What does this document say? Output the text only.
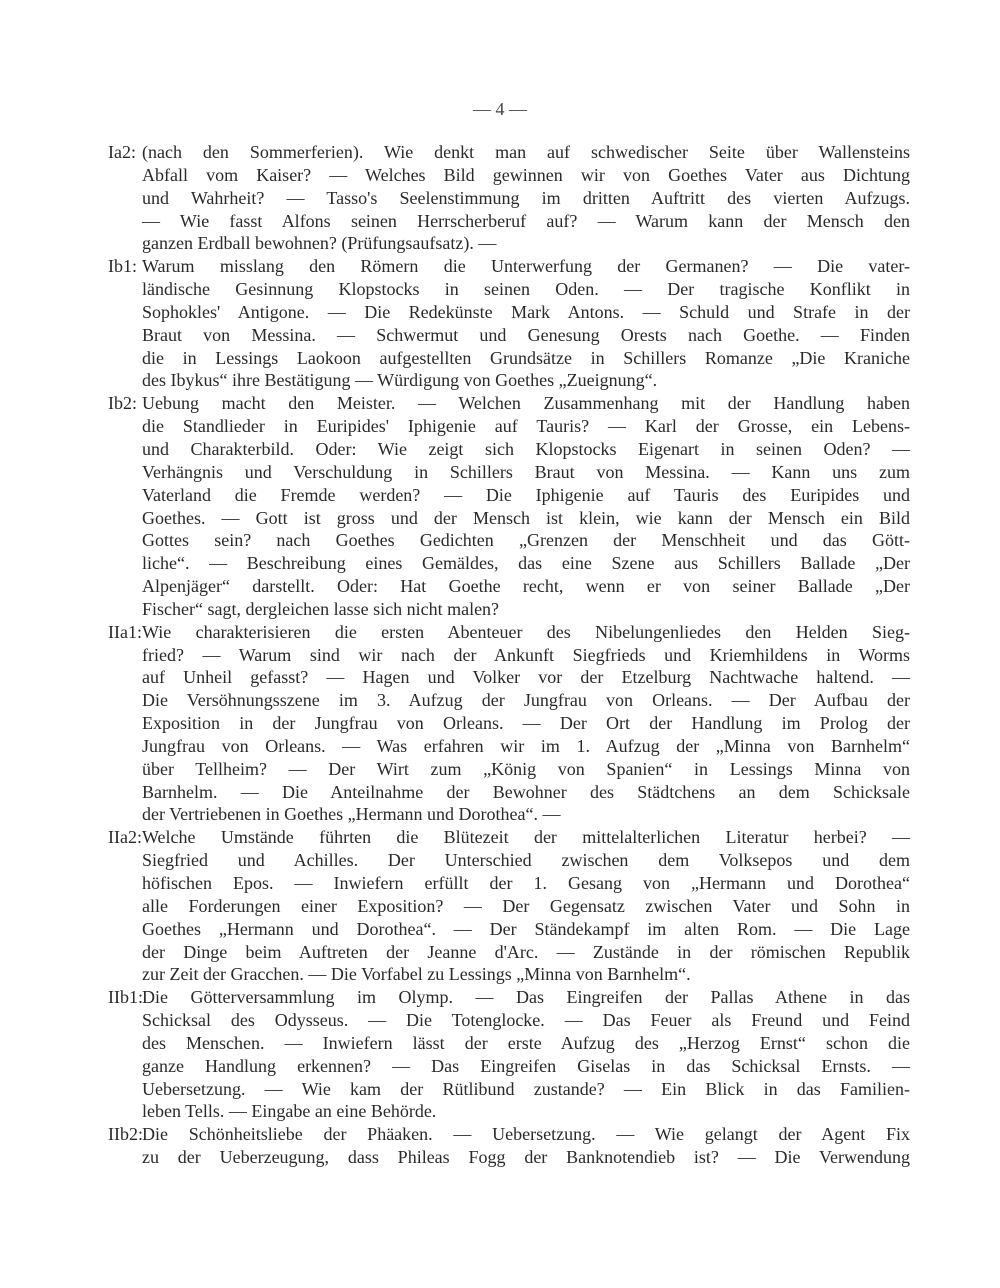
— 4 —
Ia2: (nach den Sommerferien). Wie denkt man auf schwedischer Seite über Wallensteins
Abfall vom Kaiser? — Welches Bild gewinnen wir von Goethes Vater aus Dichtung
und Wahrheit? — Tasso's Seelenstimmung im dritten Auftritt des vierten Aufzugs.
— Wie fasst Alfons seinen Herrscherberuf auf? — Warum kann der Mensch den
ganzen Erdball bewohnen? (Prüfungsaufsatz). —
Ib1: Warum misslang den Römern die Unterwerfung der Germanen? — Die vater-
ländische Gesinnung Klopstocks in seinen Oden. — Der tragische Konflikt in
Sophokles' Antigone. — Die Redekünste Mark Antons. — Schuld und Strafe in der
Braut von Messina. — Schwermut und Genesung Orests nach Goethe. — Finden
die in Lessings Laokoon aufgestellten Grundsätze in Schillers Romanze „Die Kraniche
des Ibykus“ ihre Bestätigung — Würdigung von Goethes „Zueignung“.
Ib2: Uebung macht den Meister. — Welchen Zusammenhang mit der Handlung haben
die Standlieder in Euripides' Iphigenie auf Tauris? — Karl der Grosse, ein Lebens-
und Charakterbild. Oder: Wie zeigt sich Klopstocks Eigenart in seinen Oden? —
Verhängnis und Verschuldung in Schillers Braut von Messina. — Kann uns zum
Vaterland die Fremde werden? — Die Iphigenie auf Tauris des Euripides und
Goethes. — Gott ist gross und der Mensch ist klein, wie kann der Mensch ein Bild
Gottes sein? nach Goethes Gedichten „Grenzen der Menschheit und das Gött-
liche“. — Beschreibung eines Gemäldes, das eine Szene aus Schillers Ballade „Der
Alpenjäger“ darstellt. Oder: Hat Goethe recht, wenn er von seiner Ballade „Der
Fischer“ sagt, dergleichen lasse sich nicht malen?
IIa1: Wie charakterisieren die ersten Abenteuer des Nibelungenliedes den Helden Sieg-
fried? — Warum sind wir nach der Ankunft Siegfrieds und Kriemhildens in Worms
auf Unheil gefasst? — Hagen und Volker vor der Etzelburg Nachtwache haltend. —
Die Versöhnungsszene im 3. Aufzug der Jungfrau von Orleans. — Der Aufbau der
Exposition in der Jungfrau von Orleans. — Der Ort der Handlung im Prolog der
Jungfrau von Orleans. — Was erfahren wir im 1. Aufzug der „Minna von Barnhelm“
über Tellheim? — Der Wirt zum „König von Spanien“ in Lessings Minna von
Barnhelm. — Die Anteilnahme der Bewohner des Städtchens an dem Schicksale
der Vertriebenen in Goethes „Hermann und Dorothea“. —
IIa2: Welche Umstände führten die Blütezeit der mittelalterlichen Literatur herbei? —
Siegfried und Achilles. Der Unterschied zwischen dem Volksepos und dem
höfischen Epos. — Inwiefern erfüllt der 1. Gesang von „Hermann und Dorothea“
alle Forderungen einer Exposition? — Der Gegensatz zwischen Vater und Sohn in
Goethes „Hermann und Dorothea“. — Der Ständekampf im alten Rom. — Die Lage
der Dinge beim Auftreten der Jeanne d'Arc. — Zustände in der römischen Republik
zur Zeit der Gracchen. — Die Vorfabel zu Lessings „Minna von Barnhelm“.
IIb1: Die Götterversammlung im Olymp. — Das Eingreifen der Pallas Athene in das
Schicksal des Odysseus. — Die Totenglocke. — Das Feuer als Freund und Feind
des Menschen. — Inwiefern lässt der erste Aufzug des „Herzog Ernst“ schon die
ganze Handlung erkennen? — Das Eingreifen Giselas in das Schicksal Ernsts. —
Uebersetzung. — Wie kam der Rütlibund zustande? — Ein Blick in das Familien-
leben Tells. — Eingabe an eine Behörde.
IIb2: Die Schönheitsliebe der Phäaken. — Uebersetzung. — Wie gelangt der Agent Fix
zu der Ueberzeugung, dass Phileas Fogg der Banknotendieb ist? — Die Verwendung
